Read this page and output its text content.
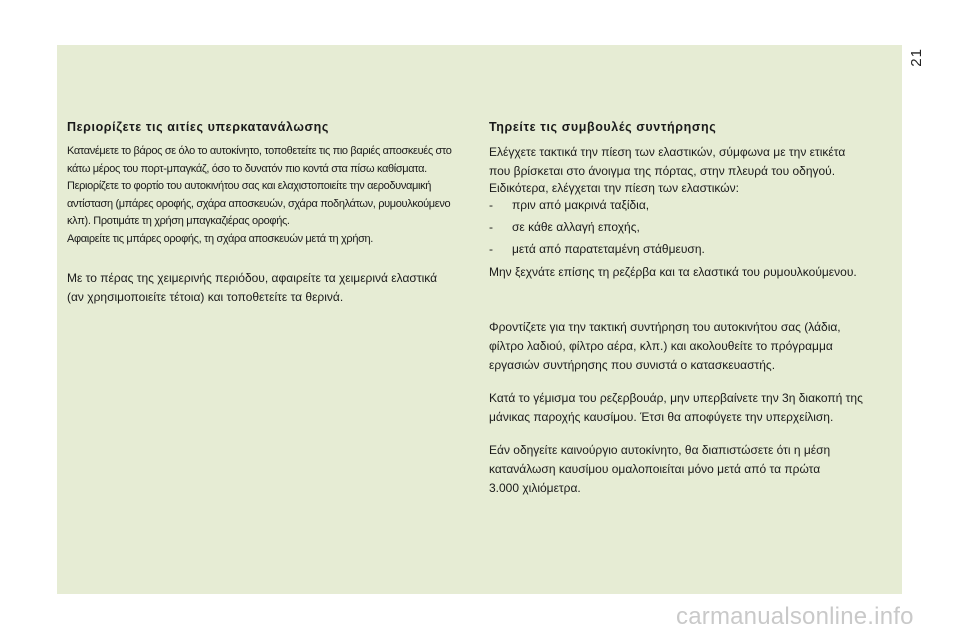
21
Περιορίζετε τις αιτίες υπερκατανάλωσης

Κατανέμετε το βάρος σε όλο το αυτοκίνητο, τοποθετείτε τις πιο βαριές αποσκευές στο

κάτω μέρος του πορτ-μπαγκάζ, όσο το δυνατόν πιο κοντά στα πίσω καθίσματα.

Περιορίζετε το φορτίο του αυτοκινήτου σας και ελαχιστοποιείτε την αεροδυναμική

αντίσταση (μπάρες οροφής, σχάρα αποσκευών, σχάρα ποδηλάτων, ρυμουλκούμενο

κλπ). Προτιμάτε τη χρήση μπαγκαζιέρας οροφής.

Αφαιρείτε τις μπάρες οροφής, τη σχάρα αποσκευών μετά τη χρήση.

Με το πέρας της χειμερινής περιόδου, αφαιρείτε τα χειμερινά ελαστικά

(αν χρησιμοποιείτε τέτοια) και τοποθετείτε τα θερινά.

Τηρείτε τις συμβουλές συντήρησης

Ελέγχετε τακτικά την πίεση των ελαστικών, σύμφωνα με την ετικέτα

που βρίσκεται στο άνοιγμα της πόρτας, στην πλευρά του οδηγού.

Ειδικότερα, ελέγχεται την πίεση των ελαστικών:

- πριν από μακρινά ταξίδια,
- σε κάθε αλλαγή εποχής,
- μετά από παρατεταμένη στάθμευση.

Μην ξεχνάτε επίσης τη ρεζέρβα και τα ελαστικά του ρυμουλκούμενου.

Φροντίζετε για την τακτική συντήρηση του αυτοκινήτου σας (λάδια,

φίλτρο λαδιού, φίλτρο αέρα, κλπ.) και ακολουθείτε το πρόγραμμα

εργασιών συντήρησης που συνιστά ο κατασκευαστής.

Κατά το γέμισμα του ρεζερβουάρ, μην υπερβαίνετε την 3η διακοπή της

μάνικας παροχής καυσίμου. Έτσι θα αποφύγετε την υπερχείλιση.

Εάν οδηγείτε καινούργιο αυτοκίνητο, θα διαπιστώσετε ότι η μέση

κατανάλωση καυσίμου ομαλοποιείται μόνο μετά από τα πρώτα

3.000 χιλιόμετρα.

carmanualsonline.info
